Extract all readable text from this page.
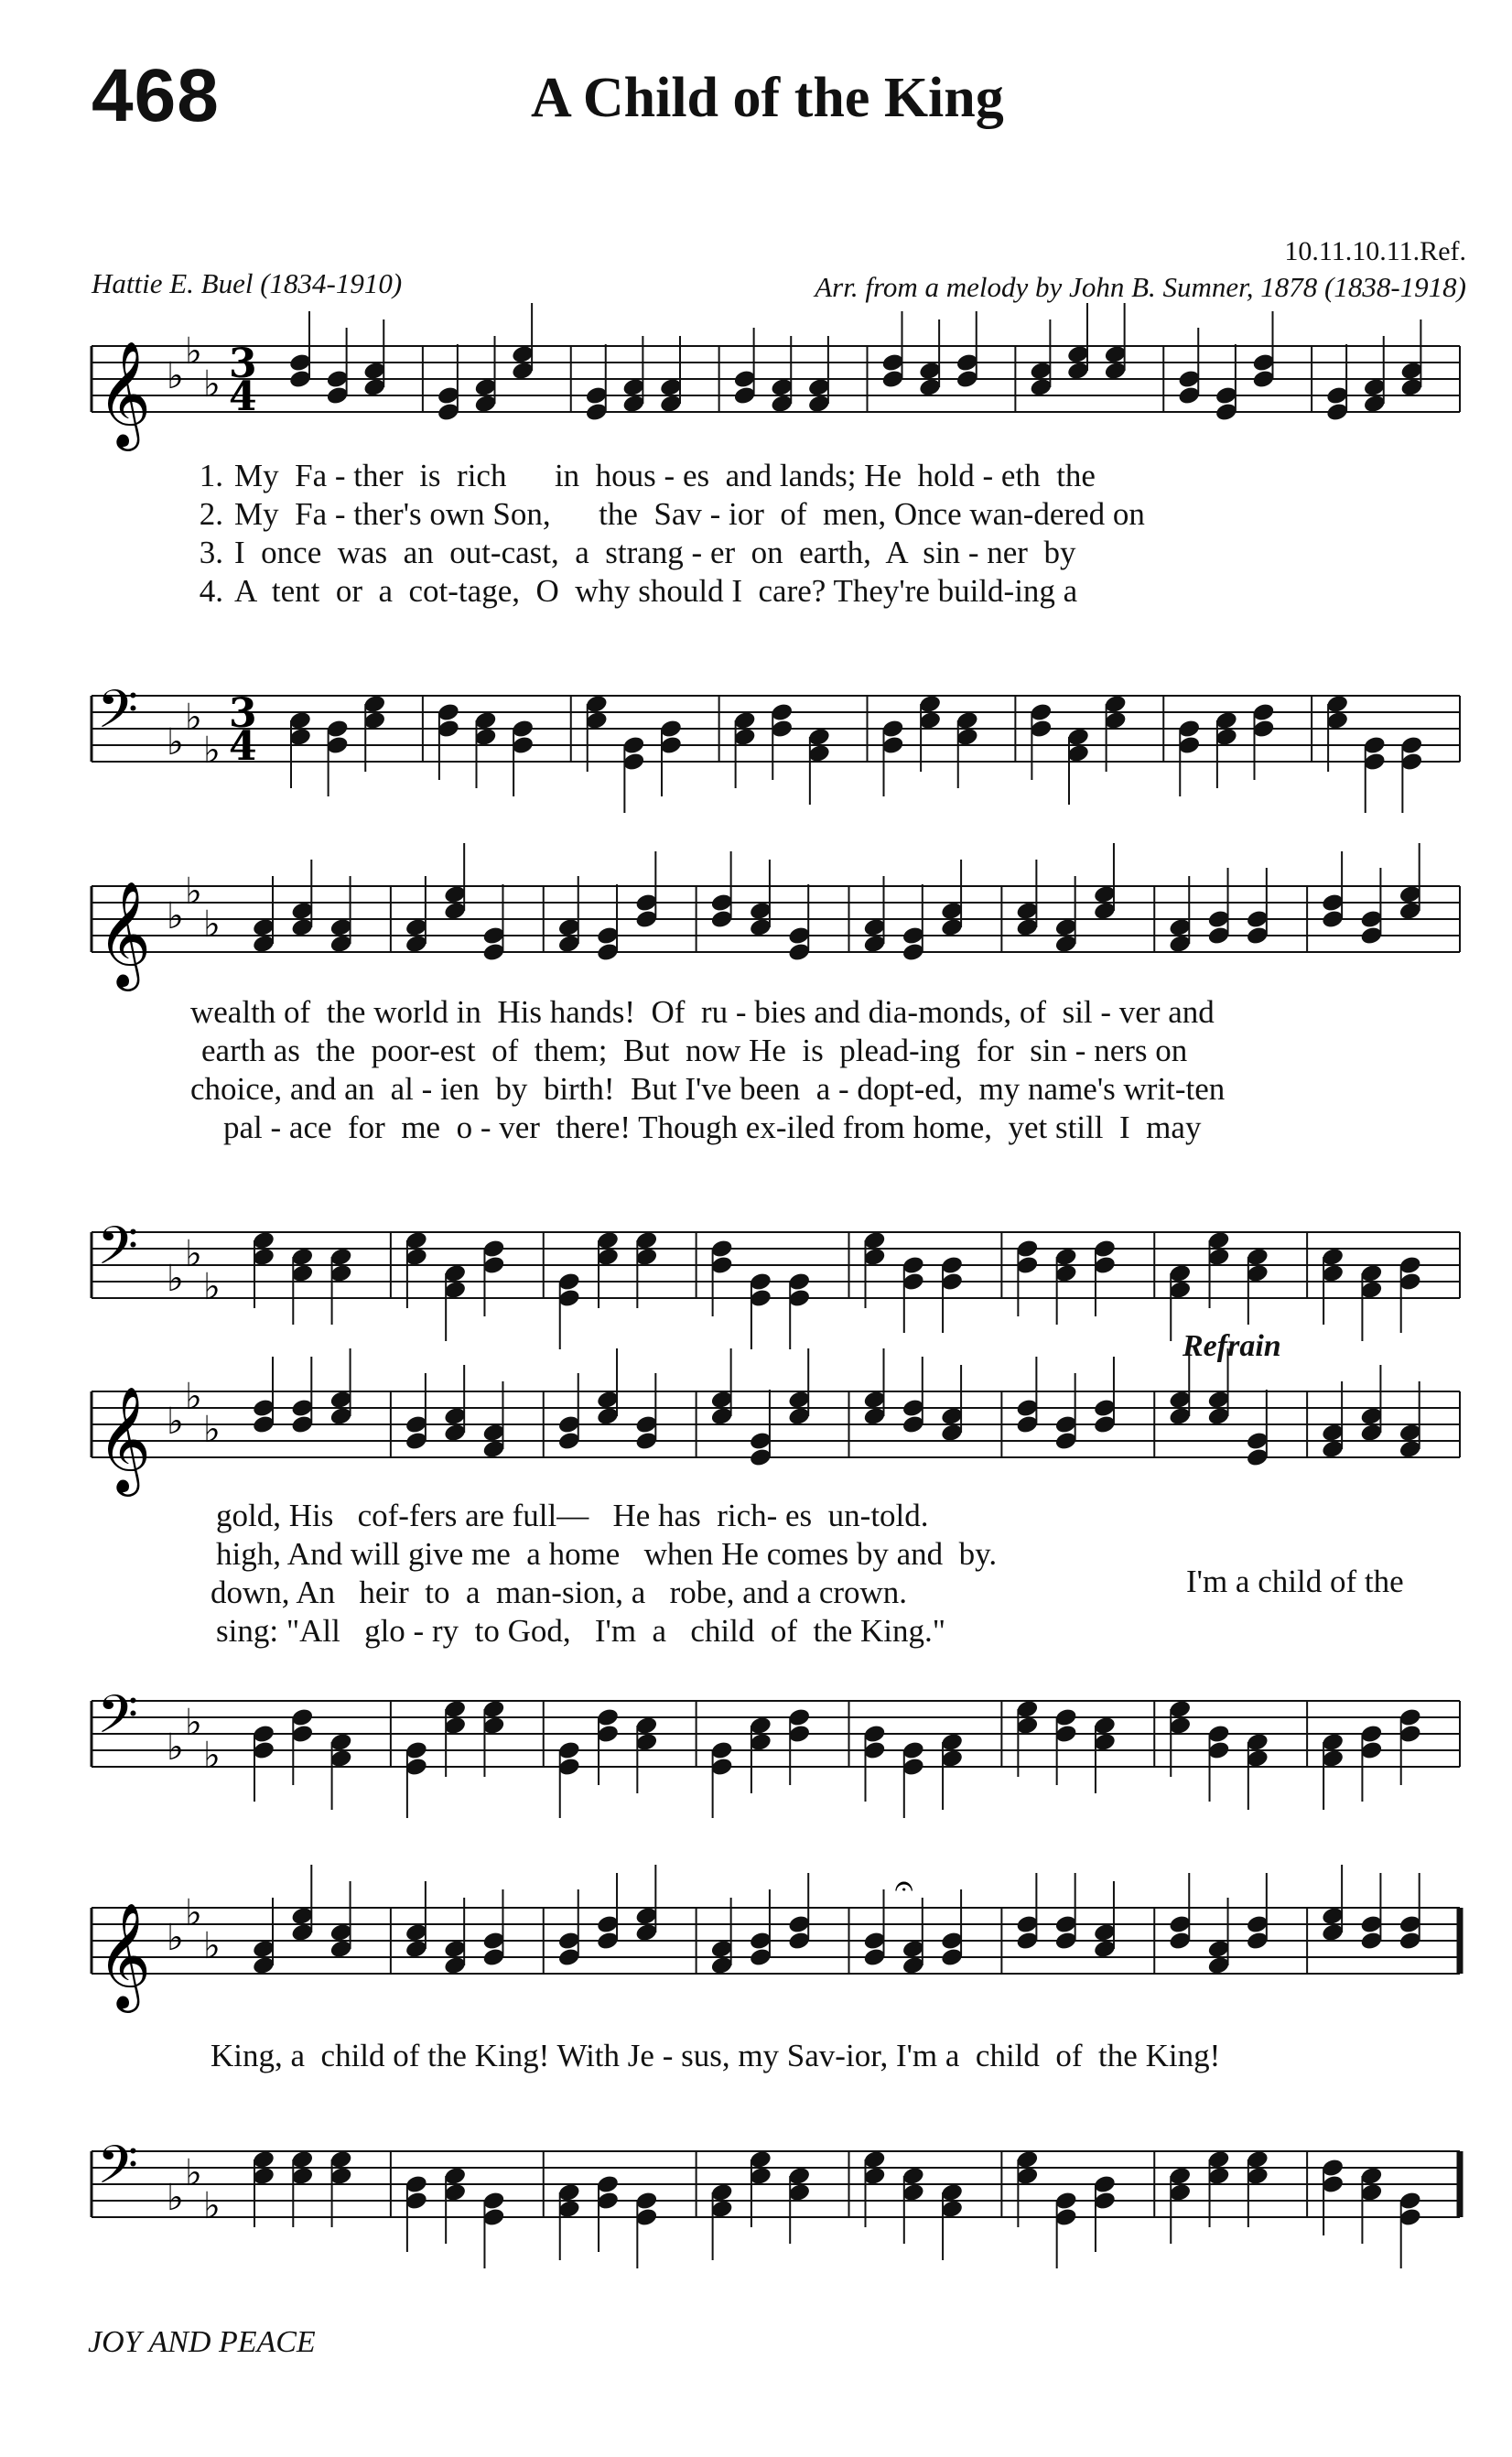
468	A Child of the King
10.11.10.11.Ref.
Hattie E. Buel (1834-1910)	Arr. from a melody by John B. Sumner, 1878 (1838-1918)
𝄞 ♭
♭
♭ 3
4
1. My  Fa - ther  is  rich      in  hous - es  and lands; He  hold - eth  the
2. My  Fa - ther's own Son,      the  Sav - ior  of  men, Once wan-dered on
3. I  once  was  an  out-cast,  a  strang - er  on  earth,  A  sin - ner  by
4. A  tent  or  a  cot-tage,  O  why should I  care? They're build-ing a
𝄢 ♭
♭
♭
3
4
𝄞 ♭
♭
♭
wealth of  the world in  His hands!  Of  ru - bies and dia-monds, of  sil - ver and
earth as  the  poor-est  of  them;  But  now He  is  plead-ing  for  sin - ners on
choice, and an  al - ien  by  birth!  But I've been  a - dopt-ed,  my name's writ-ten
pal - ace  for  me  o - ver  there! Though ex-iled from home,  yet still  I  may
𝄢 ♭
♭
♭
Refrain
𝄞 ♭
♭
♭
gold, His   cof-fers are full—   He has  rich- es  un-told.
high, And will give me  a home   when He comes by and  by.
down, An   heir  to  a  man-sion, a   robe, and a crown.
sing: "All   glo - ry  to God,   I'm  a   child  of  the King."
I'm a child of the
𝄢 ♭
♭
♭
𝄞 ♭
♭
♭
𝄐
King, a  child of the King! With Je - sus, my Sav-ior, I'm a  child  of  the King!
𝄢 ♭
♭
♭
JOY AND PEACE
